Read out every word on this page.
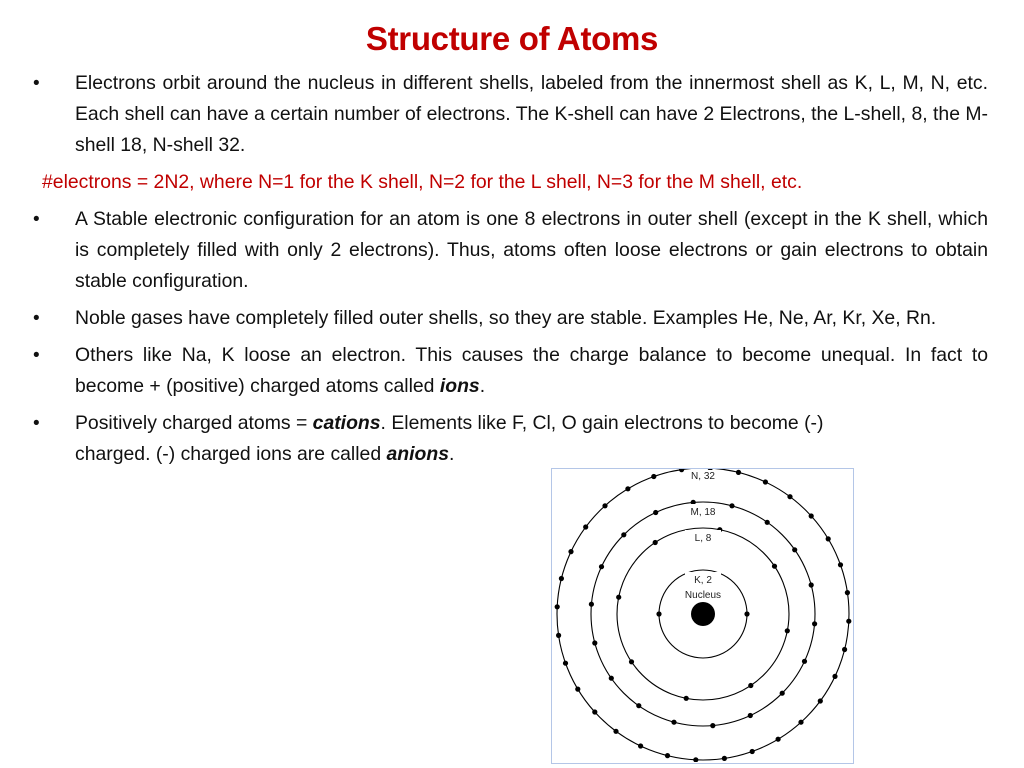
Structure of Atoms
• Electrons orbit around the nucleus in different shells, labeled from the innermost shell as K, L, M, N, etc. Each shell can have a certain number of electrons. The K-shell can have 2 Electrons, the L-shell, 8, the M-shell 18, N-shell 32.
#electrons = 2N2, where N=1 for the K shell, N=2 for the L shell, N=3 for the M shell, etc.
• A Stable electronic configuration for an atom is one 8 electrons in outer shell (except in the K shell, which is completely filled with only 2 electrons). Thus, atoms often loose electrons or gain electrons to obtain stable configuration.
• Noble gases have completely filled outer shells, so they are stable. Examples He, Ne, Ar, Kr, Xe, Rn.
• Others like Na, K loose an electron. This causes the charge balance to become unequal. In fact to become + (positive) charged atoms called ions.
• Positively charged atoms = cations. Elements like F, Cl, O gain electrons to become (-)
charged. (-) charged ions are called anions.
Nucleus
K, 2
L, 8
M, 18
N, 32
